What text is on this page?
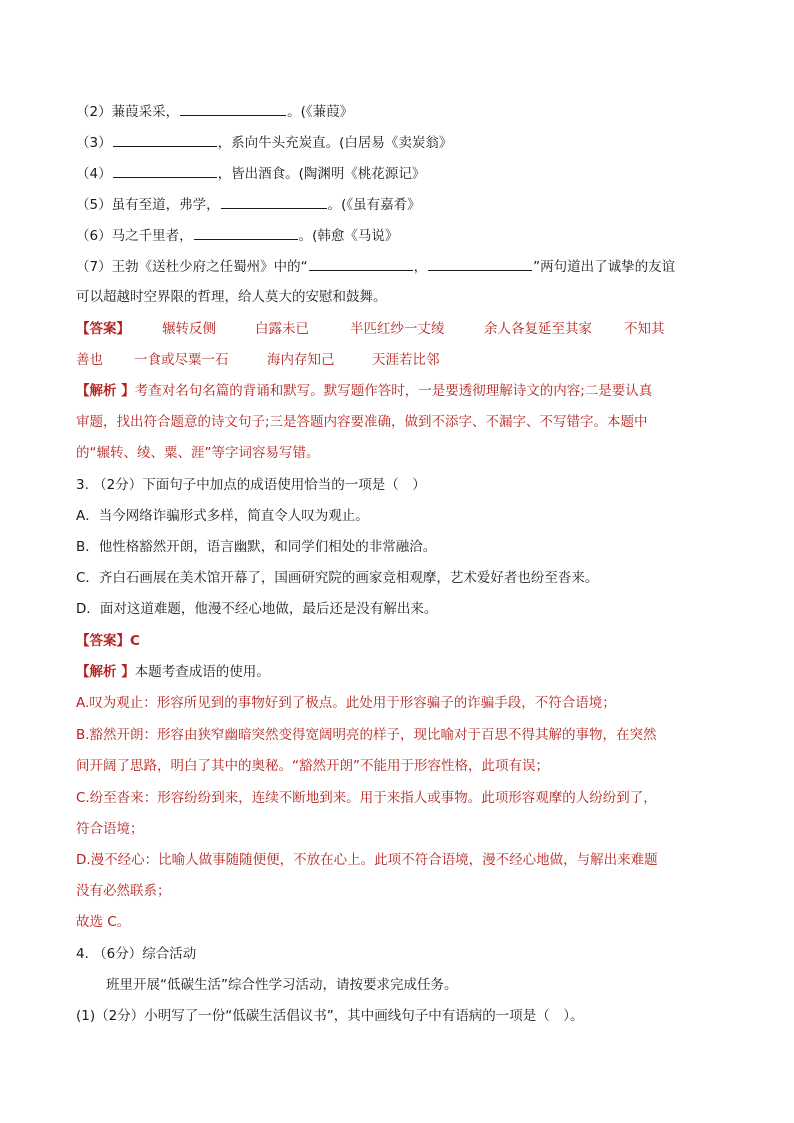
（2）蒹葭采采，	。(《蒹葭》
（3）	，系向牛头充炭直。(白居易《卖炭翁》
（4）	，皆出酒食。(陶渊明《桃花源记》
（5）虽有至道，弗学，	。(《虽有嘉肴》
（6）马之千里者，	。(韩愈《马说》
（7）王勃《送杜少府之任蜀州》中的“	，	”两句道出了诚挚的友谊
可以超越时空界限的哲理，给人莫大的安慰和鼓舞。
【答案】 辗转反侧	白露未已	半匹红纱一丈绫	余人各复延至其家 不知其
善也 一食或尽粟一石	海内存知己	天涯若比邻
【解析 】考查对名句名篇的背诵和默写。默写题作答时，一是要透彻理解诗文的内容;二是要认真
审题，找出符合题意的诗文句子;三是答题内容要准确，做到不添字、不漏字、不写错字。本题中
的“辗转、绫、粟、涯”等字词容易写错。
3. （2分）下面句子中加点的成语使用恰当的一项是（　）
A．当今网络诈骗形式多样，简直令人叹为观止。
B．他性格豁然开朗，语言幽默，和同学们相处的非常融洽。
C．齐白石画展在美术馆开幕了，国画研究院的画家竞相观摩，艺术爱好者也纷至沓来。
D．面对这道难题，他漫不经心地做，最后还是没有解出来。
【答案】C
【解析 】本题考查成语的使用。
A.叹为观止：形容所见到的事物好到了极点。此处用于形容骗子的诈骗手段，不符合语境；
B.豁然开朗：形容由狭窄幽暗突然变得宽阔明亮的样子，现比喻对于百思不得其解的事物，在突然
间开阔了思路，明白了其中的奥秘。“豁然开朗”不能用于形容性格，此项有误；
C.纷至沓来：形容纷纷到来，连续不断地到来。用于来指人或事物。此项形容观摩的人纷纷到了，
符合语境；
D.漫不经心：比喻人做事随随便便，不放在心上。此项不符合语境，漫不经心地做，与解出来难题
没有必然联系；
故选 C。
4. （6分）综合活动
班里开展“低碳生活”综合性学习活动，请按要求完成任务。
(1)（2分）小明写了一份“低碳生活倡议书”，其中画线句子中有语病的一项是（　）。
